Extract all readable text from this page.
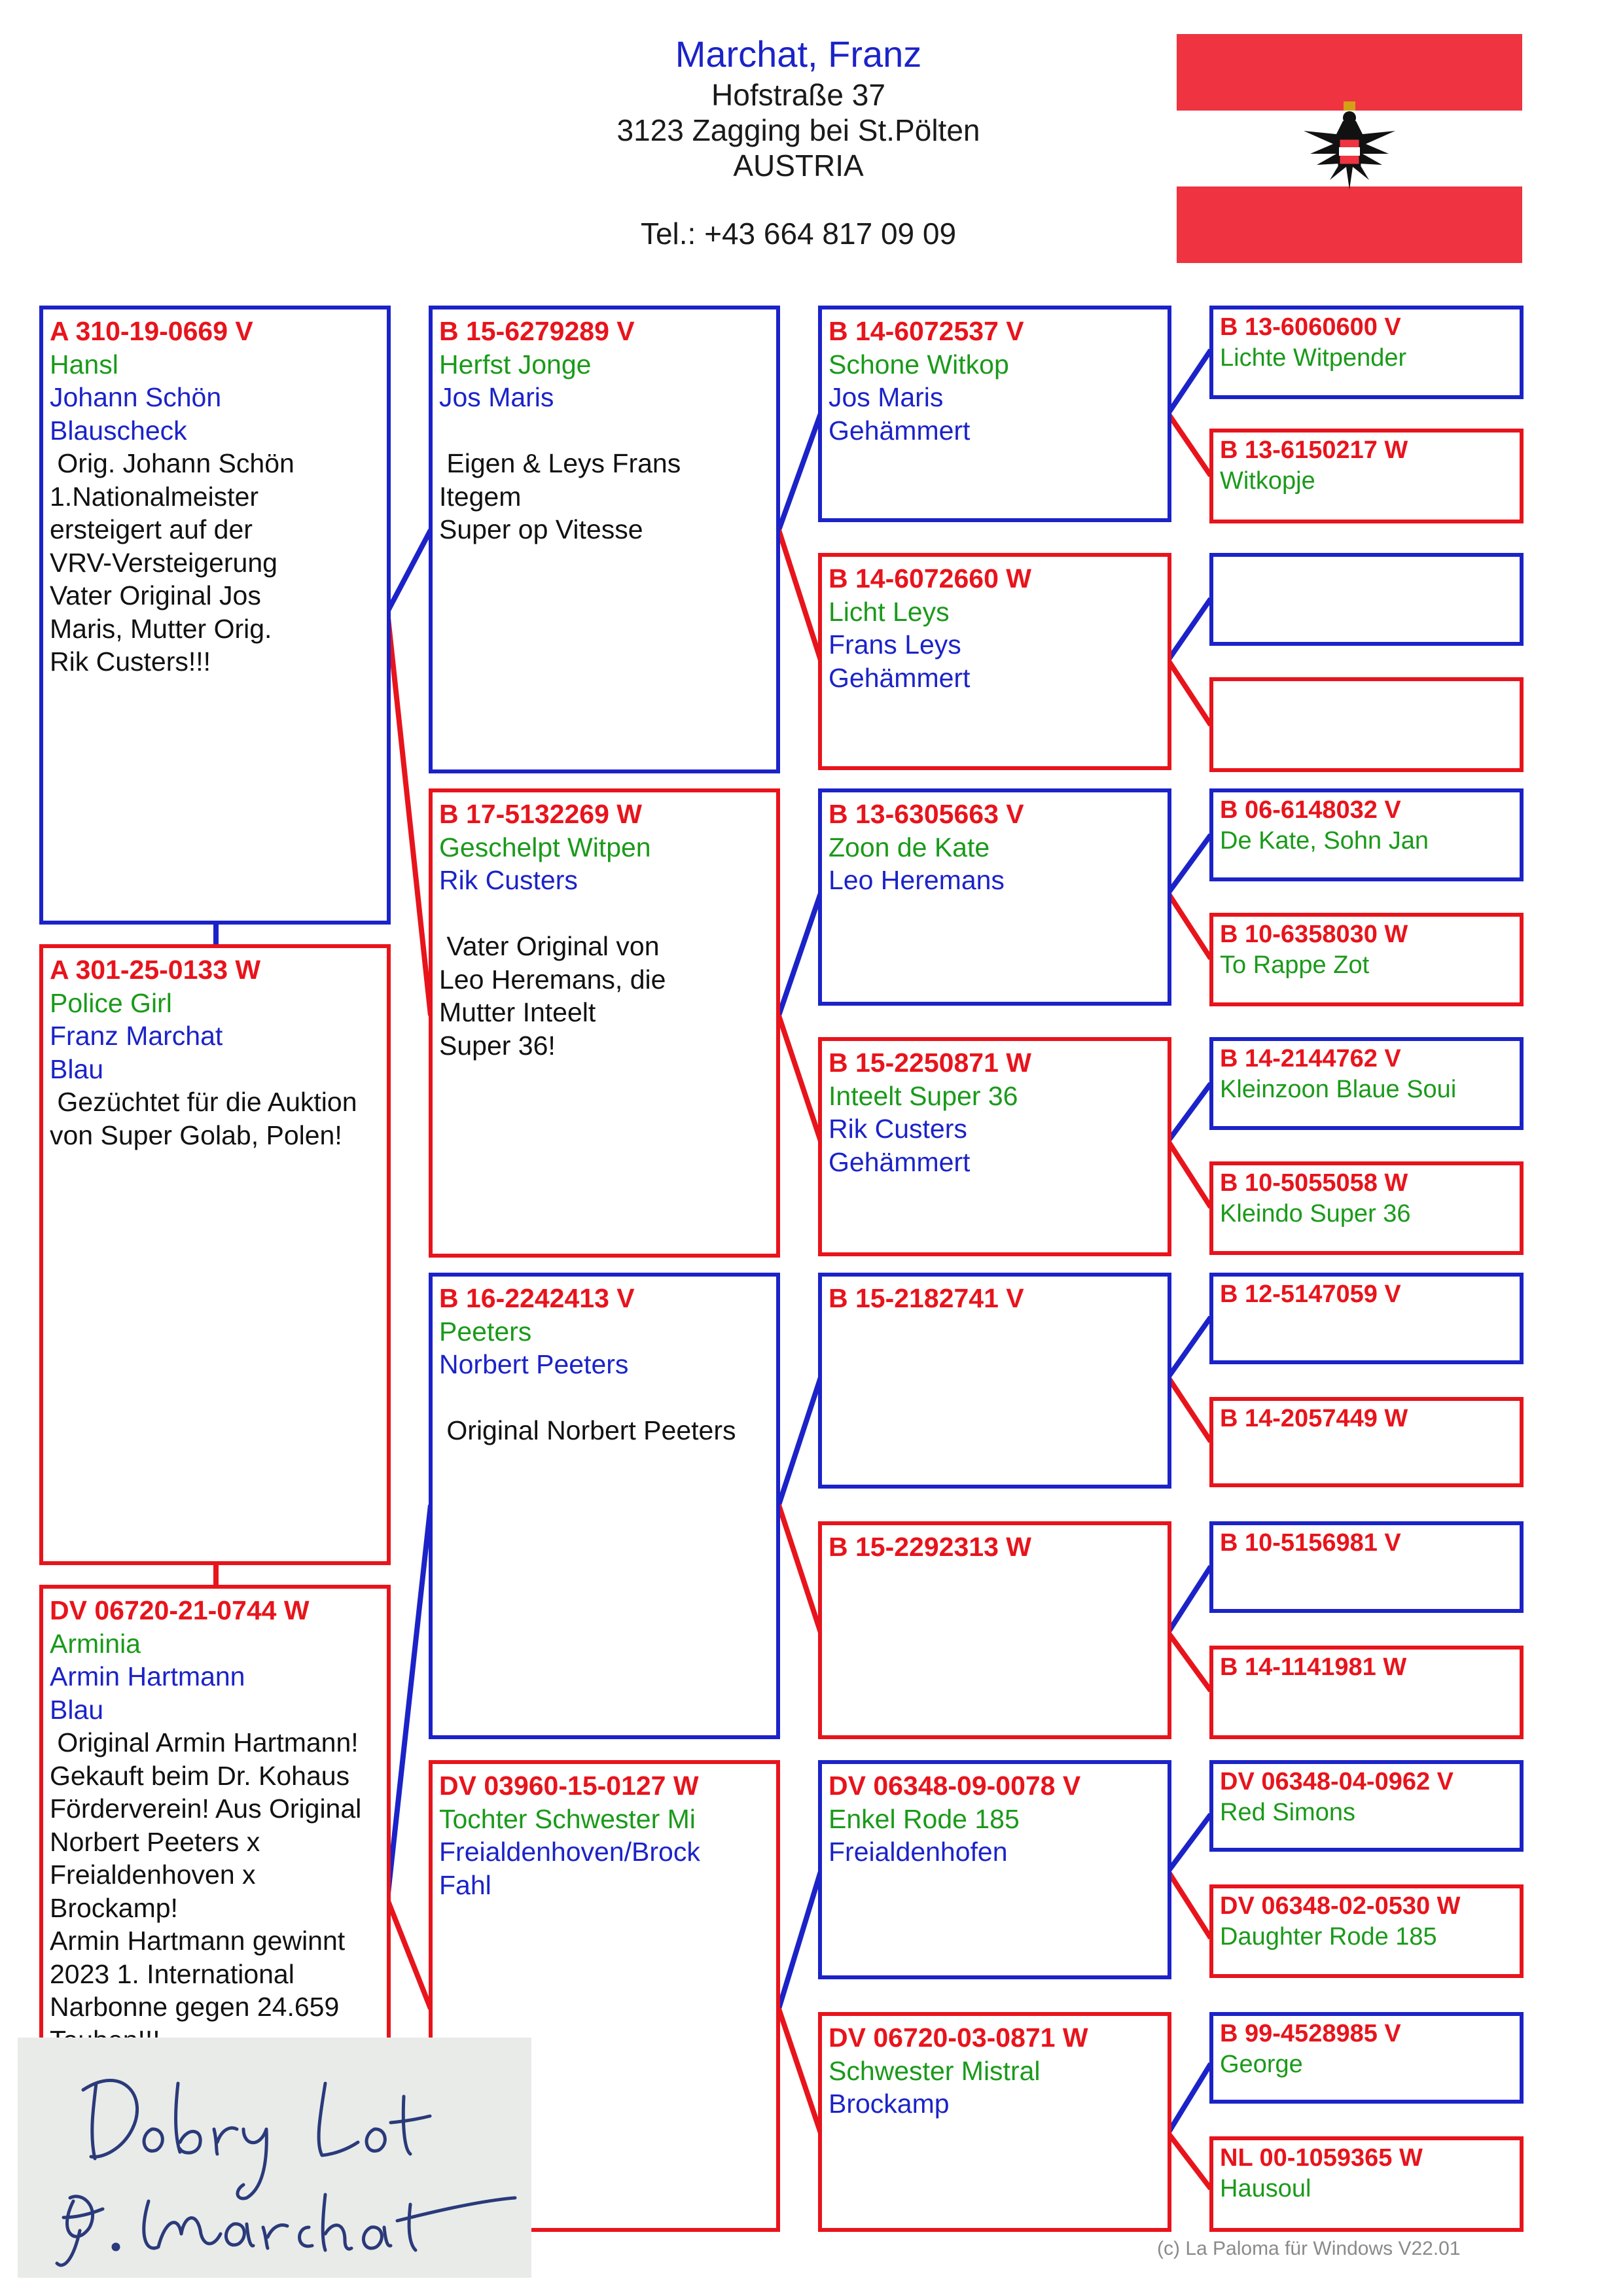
Marchat, Franz
Hofstraße 37
3123 Zagging bei St.Pölten
AUSTRIA
Tel.: +43 664 817 09 09
A 310-19-0669 V
Hansl
Johann Schön
Blauscheck
Orig. Johann Schön
1.Nationalmeister
ersteigert auf der
VRV-Versteigerung
Vater Original Jos
Maris, Mutter Orig.
Rik Custers!!!
A 301-25-0133 W
Police Girl
Franz Marchat
Blau
Gezüchtet für die Auktion
von Super Golab, Polen!
DV 06720-21-0744 W
Arminia
Armin Hartmann
Blau
Original Armin Hartmann!
Gekauft beim Dr. Kohaus
Förderverein! Aus Original
Norbert Peeters x
Freialdenhoven x Brockamp!
Armin Hartmann gewinnt
2023 1. International
Narbonne gegen 24.659

B 15-6279289 V
Herfst Jonge
Jos Maris

Eigen & Leys Frans
Itegem
Super op Vitesse
B 17-5132269 W
Geschelpt Witpen
Rik Custers

Vater Original von
Leo Heremans, die
Mutter Inteelt
Super 36!
B 16-2242413 V
Peeters
Norbert Peeters

Original Norbert Peeters
DV 03960-15-0127 W
Tochter Schwester Mi
Freialdenhoven/Brock
Fahl
B 14-6072537 V
Schone Witkop
Jos Maris
Gehämmert
B 14-6072660 W
Licht Leys
Frans Leys
Gehämmert
B 13-6305663 V
Zoon de Kate
Leo Heremans
B 15-2250871 W
Inteelt Super 36
Rik Custers
Gehämmert
B 15-2182741 V
B 15-2292313 W
DV 06348-09-0078 V
Enkel Rode 185
Freialdenhofen
DV 06720-03-0871 W
Schwester Mistral
Brockamp
B 13-6060600 V
Lichte Witpender
B 13-6150217 W
Witkopje
B 06-6148032 V
De Kate, Sohn Jan
B 10-6358030 W
To Rappe Zot
B 14-2144762 V
Kleinzoon Blaue Soui
B 10-5055058 W
Kleindo Super 36
B 12-5147059 V
B 14-2057449 W
B 10-5156981 V
B 14-1141981 W
DV 06348-04-0962 V
Red Simons
DV 06348-02-0530 W
Daughter Rode 185
B 99-4528985 V
George
NL 00-1059365 W
Hausoul
(c) La Paloma für Windows V22.01
